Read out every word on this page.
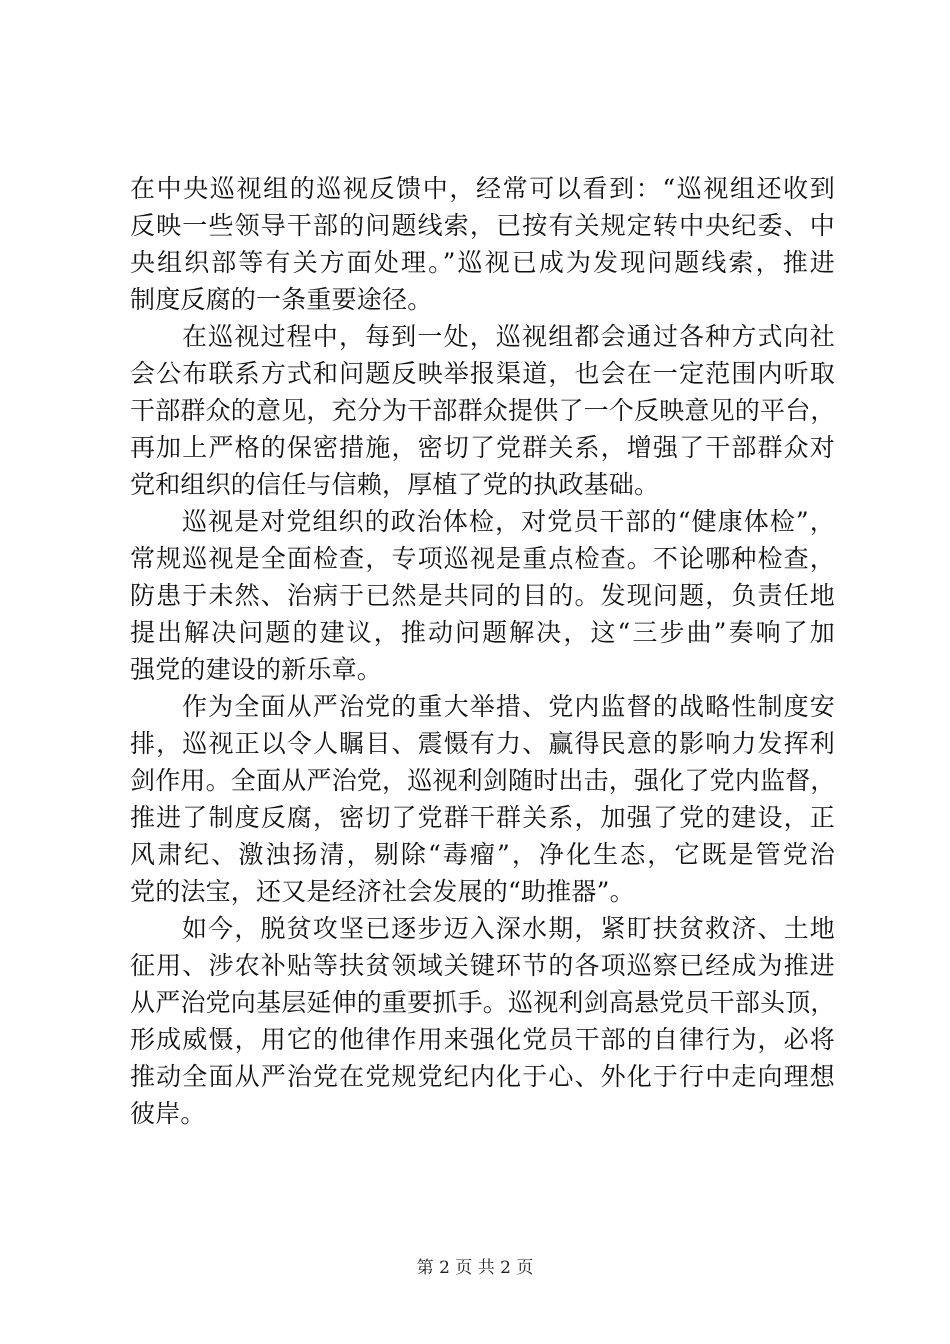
在中央巡视组的巡视反馈中，经常可以看到：“巡视组还收到
反映一些领导干部的问题线索，已按有关规定转中央纪委、中
央组织部等有关方面处理。”巡视已成为发现问题线索，推进
制度反腐的一条重要途径。
在巡视过程中，每到一处，巡视组都会通过各种方式向社
会公布联系方式和问题反映举报渠道，也会在一定范围内听取
干部群众的意见，充分为干部群众提供了一个反映意见的平台，
再加上严格的保密措施，密切了党群关系，增强了干部群众对
党和组织的信任与信赖，厚植了党的执政基础。
巡视是对党组织的政治体检，对党员干部的“健康体检”，
常规巡视是全面检查，专项巡视是重点检查。不论哪种检查，
防患于未然、治病于已然是共同的目的。发现问题，负责任地
提出解决问题的建议，推动问题解决，这“三步曲”奏响了加
强党的建设的新乐章。
作为全面从严治党的重大举措、党内监督的战略性制度安
排，巡视正以令人瞩目、震慑有力、赢得民意的影响力发挥利
剑作用。全面从严治党，巡视利剑随时出击，强化了党内监督，
推进了制度反腐，密切了党群干群关系，加强了党的建设，正
风肃纪、激浊扬清，剔除“毒瘤”，净化生态，它既是管党治
党的法宝，还又是经济社会发展的“助推器”。
如今，脱贫攻坚已逐步迈入深水期，紧盯扶贫救济、土地
征用、涉农补贴等扶贫领域关键环节的各项巡察已经成为推进
从严治党向基层延伸的重要抓手。巡视利剑高悬党员干部头顶，
形成威慑，用它的他律作用来强化党员干部的自律行为，必将
推动全面从严治党在党规党纪内化于心、外化于行中走向理想
彼岸。
第 2 页 共 2 页
